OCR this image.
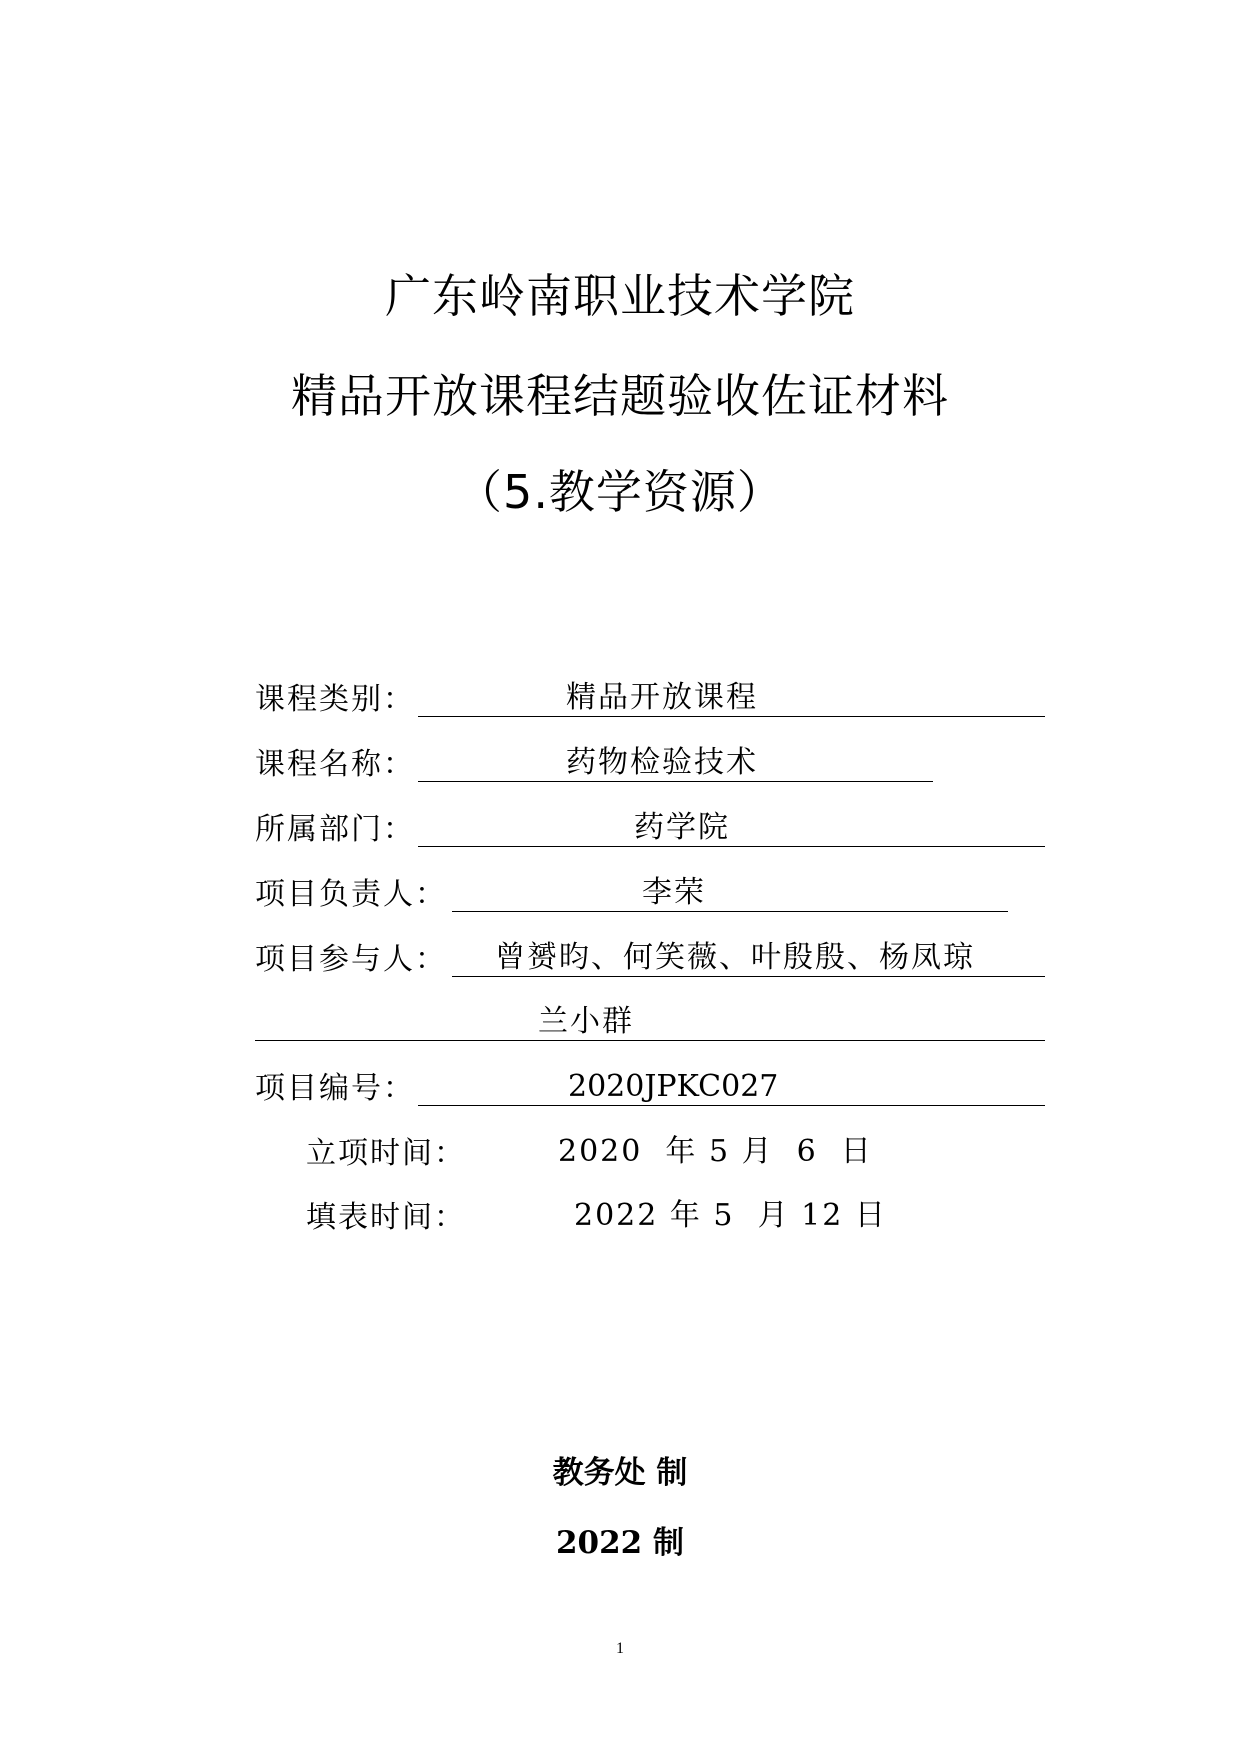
广东岭南职业技术学院
精品开放课程结题验收佐证材料
（5.教学资源）
课程类别：	精品开放课程
课程名称：	药物检验技术
所属部门：	药学院
项目负责人：	李荣
项目参与人： 曾赟昀、何笑薇、叶殷殷、杨凤琼
兰小群
项目编号：	2020JPKC027
立项时间：	2020  年 5 月  6  日
填表时间：	2022 年 5  月 12 日
教务处 制
2022 制
1
